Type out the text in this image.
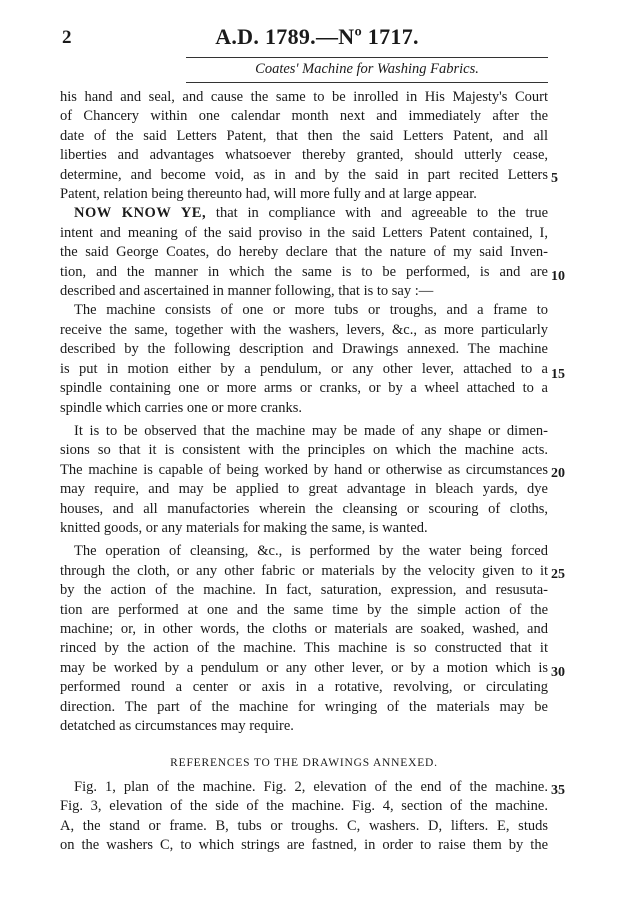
2	A.D. 1789.—Nº 1717.
Coates' Machine for Washing Fabrics.
his hand and seal, and cause the same to be inrolled in His Majesty's Court
of Chancery within one calendar month next and immediately after the
date of the said Letters Patent, that then the said Letters Patent, and all
liberties and advantages whatsoever thereby granted, should utterly cease,
determine, and become void, as in and by the said in part recited Letters
Patent, relation being thereunto had, will more fully and at large appear.
NOW KNOW YE, that in compliance with and agreeable to the true
intent and meaning of the said proviso in the said Letters Patent contained, I,
the said George Coates, do hereby declare that the nature of my said Inven-
tion, and the manner in which the same is to be performed, is and are
described and ascertained in manner following, that is to say :—
The machine consists of one or more tubs or troughs, and a frame to
receive the same, together with the washers, levers, &c., as more particularly
described by the following description and Drawings annexed. The machine
is put in motion either by a pendulum, or any other lever, attached to a
spindle containing one or more arms or cranks, or by a wheel attached to a
spindle which carries one or more cranks.
It is to be observed that the machine may be made of any shape or dimen-
sions so that it is consistent with the principles on which the machine acts.
The machine is capable of being worked by hand or otherwise as circumstances
may require, and may be applied to great advantage in bleach yards, dye
houses, and all manufactories wherein the cleansing or scouring of cloths,
knitted goods, or any materials for making the same, is wanted.
The operation of cleansing, &c., is performed by the water being forced
through the cloth, or any other fabric or materials by the velocity given to it
by the action of the machine. In fact, saturation, expression, and resusuta-
tion are performed at one and the same time by the simple action of the
machine; or, in other words, the cloths or materials are soaked, washed, and
rinced by the action of the machine. This machine is so constructed that it
may be worked by a pendulum or any other lever, or by a motion which is
performed round a center or axis in a rotative, revolving, or circulating
direction. The part of the machine for wringing of the materials may be
detatched as circumstances may require.
REFERENCES TO THE DRAWINGS ANNEXED.
Fig. 1, plan of the machine. Fig. 2, elevation of the end of the machine.
Fig. 3, elevation of the side of the machine. Fig. 4, section of the machine.
A, the stand or frame. B, tubs or troughs. C, washers. D, lifters. E, studs
on the washers C, to which strings are fastned, in order to raise them by the
5
10
15
20
25
30
35
